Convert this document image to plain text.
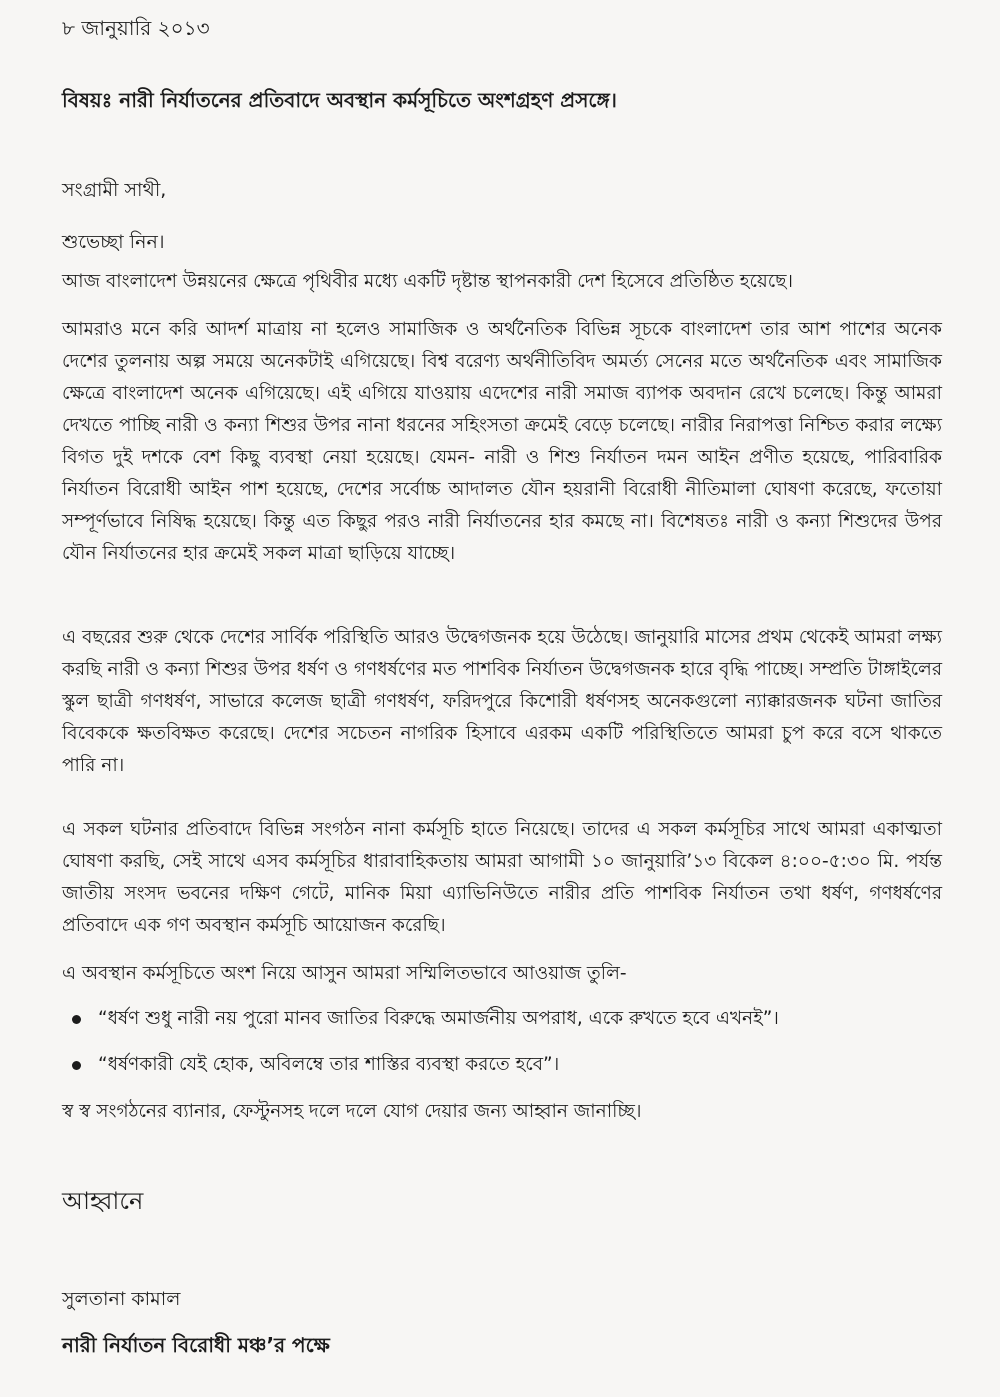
৮ জানুয়ারি ২০১৩

বিষয়ঃ নারী নির্যাতনের প্রতিবাদে অবস্থান কর্মসূচিতে অংশগ্রহণ প্রসঙ্গে।

সংগ্রামী সাথী,

শুভেচ্ছা নিন।

আজ বাংলাদেশ উন্নয়নের ক্ষেত্রে পৃথিবীর মধ্যে একটি দৃষ্টান্ত স্থাপনকারী দেশ হিসেবে প্রতিষ্ঠিত হয়েছে।

আমরাও মনে করি আদর্শ মাত্রায় না হলেও সামাজিক ও অর্থনৈতিক বিভিন্ন সূচকে বাংলাদেশ তার আশ পাশের অনেক দেশের তুলনায় অল্প সময়ে অনেকটাই এগিয়েছে। বিশ্ব বরেণ্য অর্থনীতিবিদ অমর্ত্য সেনের মতে অর্থনৈতিক এবং সামাজিক ক্ষেত্রে বাংলাদেশ অনেক এগিয়েছে। এই এগিয়ে যাওয়ায় এদেশের নারী সমাজ ব্যাপক অবদান রেখে চলেছে। কিন্তু আমরা দেখতে পাচ্ছি নারী ও কন্যা শিশুর উপর নানা ধরনের সহিংসতা ক্রমেই বেড়ে চলেছে। নারীর নিরাপত্তা নিশ্চিত করার লক্ষ্যে বিগত দুই দশকে বেশ কিছু ব্যবস্থা নেয়া হয়েছে। যেমন- নারী ও শিশু নির্যাতন দমন আইন প্রণীত হয়েছে, পারিবারিক নির্যাতন বিরোধী আইন পাশ হয়েছে, দেশের সর্বোচ্চ আদালত যৌন হয়রানী বিরোধী নীতিমালা ঘোষণা করেছে, ফতোয়া সম্পূর্ণভাবে নিষিদ্ধ হয়েছে। কিন্তু এত কিছুর পরও নারী নির্যাতনের হার কমছে না। বিশেষতঃ নারী ও কন্যা শিশুদের উপর যৌন নির্যাতনের হার ক্রমেই সকল মাত্রা ছাড়িয়ে যাচ্ছে।

এ বছরের শুরু থেকে দেশের সার্বিক পরিস্থিতি আরও উদ্বেগজনক হয়ে উঠেছে। জানুয়ারি মাসের প্রথম থেকেই আমরা লক্ষ্য করছি নারী ও কন্যা শিশুর উপর ধর্ষণ ও গণধর্ষণের মত পাশবিক নির্যাতন উদ্বেগজনক হারে বৃদ্ধি পাচ্ছে। সম্প্রতি টাঙ্গাইলের স্কুল ছাত্রী গণধর্ষণ, সাভারে কলেজ ছাত্রী গণধর্ষণ, ফরিদপুরে কিশোরী ধর্ষণসহ অনেকগুলো ন্যাক্কারজনক ঘটনা জাতির বিবেককে ক্ষতবিক্ষত করেছে। দেশের সচেতন নাগরিক হিসাবে এরকম একটি পরিস্থিতিতে আমরা চুপ করে বসে থাকতে পারি না।

এ সকল ঘটনার প্রতিবাদে বিভিন্ন সংগঠন নানা কর্মসূচি হাতে নিয়েছে। তাদের এ সকল কর্মসূচির সাথে আমরা একাত্মতা ঘোষণা করছি, সেই সাথে এসব কর্মসূচির ধারাবাহিকতায় আমরা আগামী ১০ জানুয়ারি’১৩ বিকেল ৪:০০-৫:৩০ মি. পর্যন্ত জাতীয় সংসদ ভবনের দক্ষিণ গেটে, মানিক মিয়া এ্যাভিনিউতে নারীর প্রতি পাশবিক নির্যাতন তথা ধর্ষণ, গণধর্ষণের প্রতিবাদে এক গণ অবস্থান কর্মসূচি আয়োজন করেছি।

এ অবস্থান কর্মসূচিতে অংশ নিয়ে আসুন আমরা সম্মিলিতভাবে আওয়াজ তুলি-

“ধর্ষণ শুধু নারী নয় পুরো মানব জাতির বিরুদ্ধে অমার্জনীয় অপরাধ, একে রুখতে হবে এখনই”।
“ধর্ষণকারী যেই হোক, অবিলম্বে তার শাস্তির ব্যবস্থা করতে হবে”।

স্ব স্ব সংগঠনের ব্যানার, ফেস্টুনসহ দলে দলে যোগ দেয়ার জন্য আহ্বান জানাচ্ছি।

আহ্বানে

সুলতানা কামাল

নারী নির্যাতন বিরোধী মঞ্চ’র পক্ষে
